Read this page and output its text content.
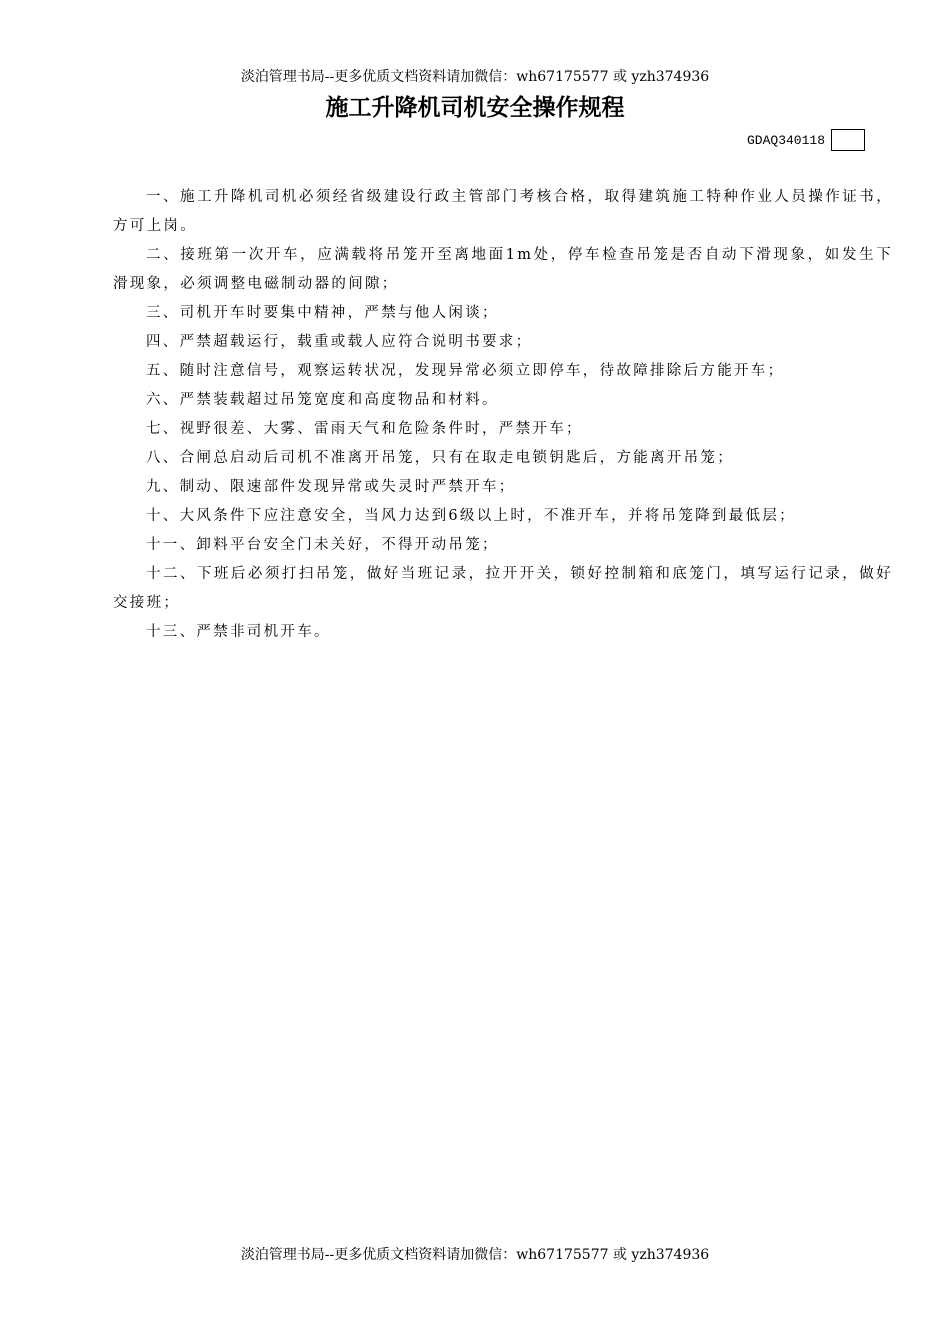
淡泊管理书局--更多优质文档资料请加微信：wh67175577 或 yzh374936
施工升降机司机安全操作规程
GDAQ340118

一、施工升降机司机必须经省级建设行政主管部门考核合格，取得建筑施工特种作业人员操作证书，方可上岗。

二、接班第一次开车，应满载将吊笼开至离地面1m处，停车检查吊笼是否自动下滑现象，如发生下滑现象，必须调整电磁制动器的间隙；

三、司机开车时要集中精神，严禁与他人闲谈；

四、严禁超载运行，载重或载人应符合说明书要求；

五、随时注意信号，观察运转状况，发现异常必须立即停车，待故障排除后方能开车；

六、严禁装载超过吊笼宽度和高度物品和材料。

七、视野很差、大雾、雷雨天气和危险条件时，严禁开车；

八、合闸总启动后司机不准离开吊笼，只有在取走电锁钥匙后，方能离开吊笼；

九、制动、限速部件发现异常或失灵时严禁开车；

十、大风条件下应注意安全，当风力达到6级以上时，不准开车，并将吊笼降到最低层；

十一、卸料平台安全门未关好，不得开动吊笼；

十二、下班后必须打扫吊笼，做好当班记录，拉开开关，锁好控制箱和底笼门，填写运行记录，做好交接班；

十三、严禁非司机开车。

淡泊管理书局--更多优质文档资料请加微信：wh67175577 或 yzh374936
